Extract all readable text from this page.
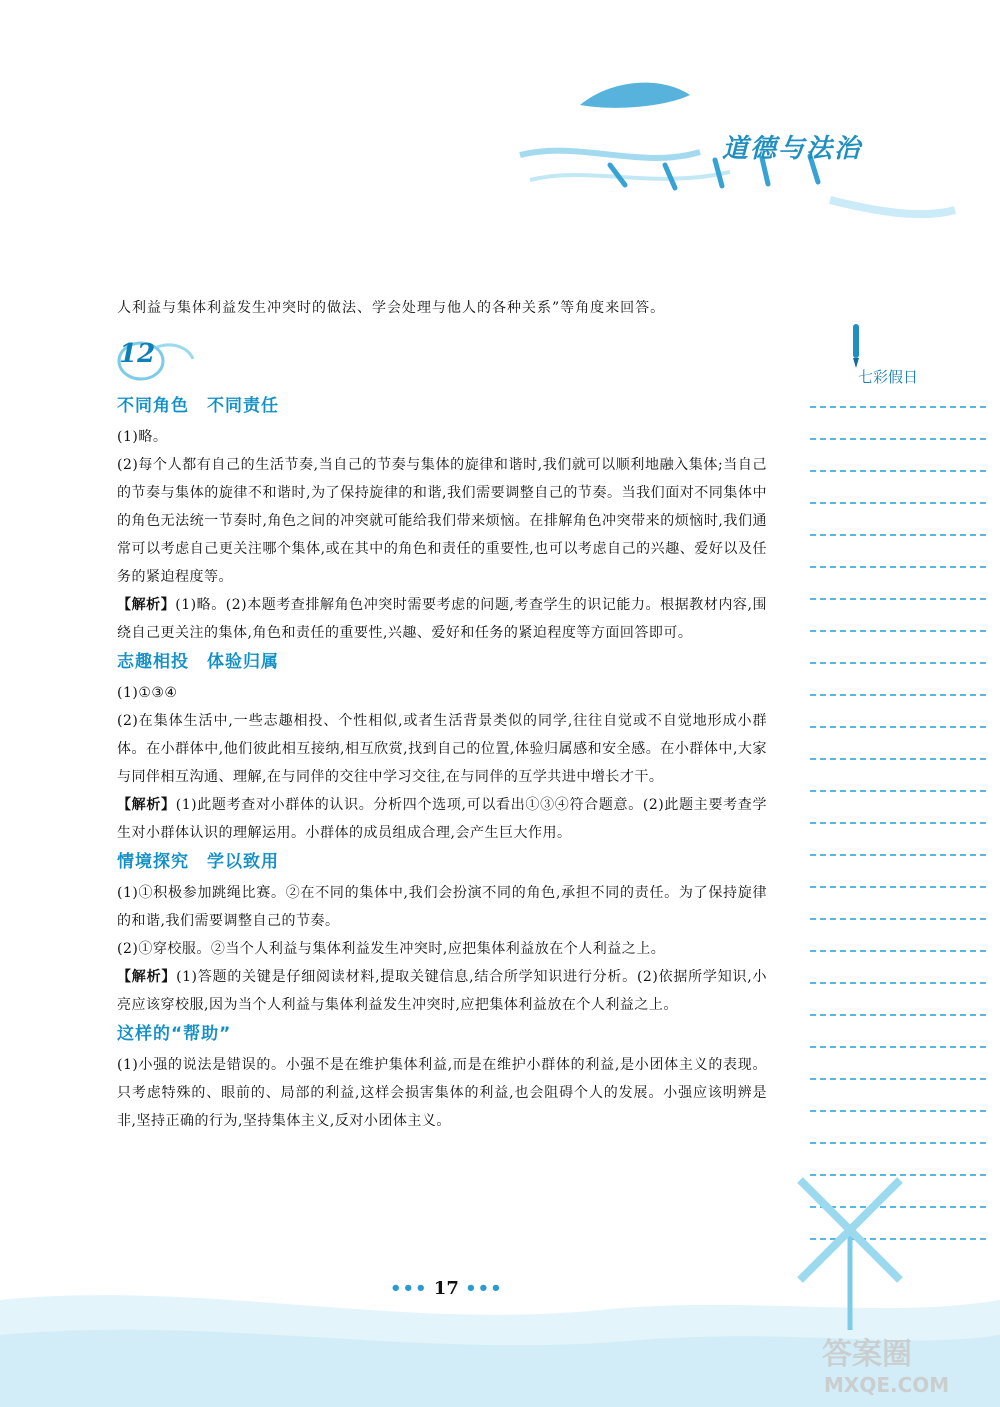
道德与法治
七彩假日

人利益与集体利益发生冲突时的做法、学会处理与他人的各种关系”等角度来回答。

12
不同角色　不同责任

(1)略。

(2)每个人都有自己的生活节奏,当自己的节奏与集体的旋律和谐时,我们就可以顺利地融入集体;当自己的节奏与集体的旋律不和谐时,为了保持旋律的和谐,我们需要调整自己的节奏。当我们面对不同集体中的角色无法统一节奏时,角色之间的冲突就可能给我们带来烦恼。在排解角色冲突带来的烦恼时,我们通常可以考虑自己更关注哪个集体,或在其中的角色和责任的重要性,也可以考虑自己的兴趣、爱好以及任务的紧迫程度等。

【解析】(1)略。(2)本题考查排解角色冲突时需要考虑的问题,考查学生的识记能力。根据教材内容,围绕自己更关注的集体,角色和责任的重要性,兴趣、爱好和任务的紧迫程度等方面回答即可。

志趣相投　体验归属

(1)①③④

(2)在集体生活中,一些志趣相投、个性相似,或者生活背景类似的同学,往往自觉或不自觉地形成小群体。在小群体中,他们彼此相互接纳,相互欣赏,找到自己的位置,体验归属感和安全感。在小群体中,大家与同伴相互沟通、理解,在与同伴的交往中学习交往,在与同伴的互学共进中增长才干。

【解析】(1)此题考查对小群体的认识。分析四个选项,可以看出①③④符合题意。(2)此题主要考查学生对小群体认识的理解运用。小群体的成员组成合理,会产生巨大作用。

情境探究　学以致用

(1)①积极参加跳绳比赛。②在不同的集体中,我们会扮演不同的角色,承担不同的责任。为了保持旋律的和谐,我们需要调整自己的节奏。

(2)①穿校服。②当个人利益与集体利益发生冲突时,应把集体利益放在个人利益之上。

【解析】(1)答题的关键是仔细阅读材料,提取关键信息,结合所学知识进行分析。(2)依据所学知识,小亮应该穿校服,因为当个人利益与集体利益发生冲突时,应把集体利益放在个人利益之上。

这样的“帮助”

(1)小强的说法是错误的。小强不是在维护集体利益,而是在维护小群体的利益,是小团体主义的表现。只考虑特殊的、眼前的、局部的利益,这样会损害集体的利益,也会阻碍个人的发展。小强应该明辨是非,坚持正确的行为,坚持集体主义,反对小团体主义。

••• 17 •••
答案圈
MXQE.COM
